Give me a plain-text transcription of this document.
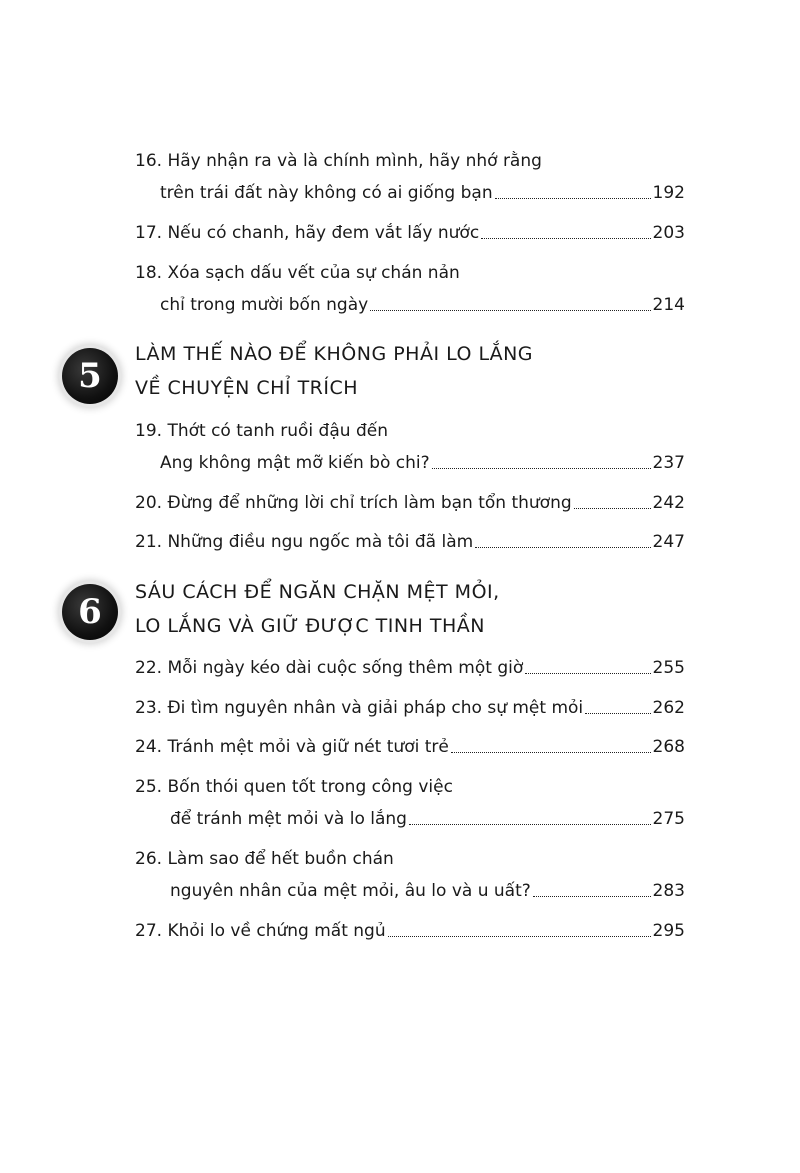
16. Hãy nhận ra và là chính mình, hãy nhớ rằng
trên trái đất này không có ai giống bạn	192
17. Nếu có chanh, hãy đem vắt lấy nước	203
18. Xóa sạch dấu vết của sự chán nản
chỉ trong mười bốn ngày	214
5
LÀM THẾ NÀO ĐỂ KHÔNG PHẢI LO LẮNG
VỀ CHUYỆN CHỈ TRÍCH
19. Thớt có tanh ruồi đậu đến
Ang không mật mỡ kiến bò chi?	237
20. Đừng để những lời chỉ trích làm bạn tổn thương	242
21. Những điều ngu ngốc mà tôi đã làm	247
6	SÁU CÁCH ĐỂ NGĂN CHẶN MỆT MỎI,
LO LẮNG VÀ GIỮ ĐƯỢC TINH THẦN
22. Mỗi ngày kéo dài cuộc sống thêm một giờ	255
23. Đi tìm nguyên nhân và giải pháp cho sự mệt mỏi	262
24. Tránh mệt mỏi và giữ nét tươi trẻ	268
25. Bốn thói quen tốt trong công việc
để tránh mệt mỏi và lo lắng	275
26. Làm sao để hết buồn chán
nguyên nhân của mệt mỏi, âu lo và u uất?	283
27. Khỏi lo về chứng mất ngủ	295
